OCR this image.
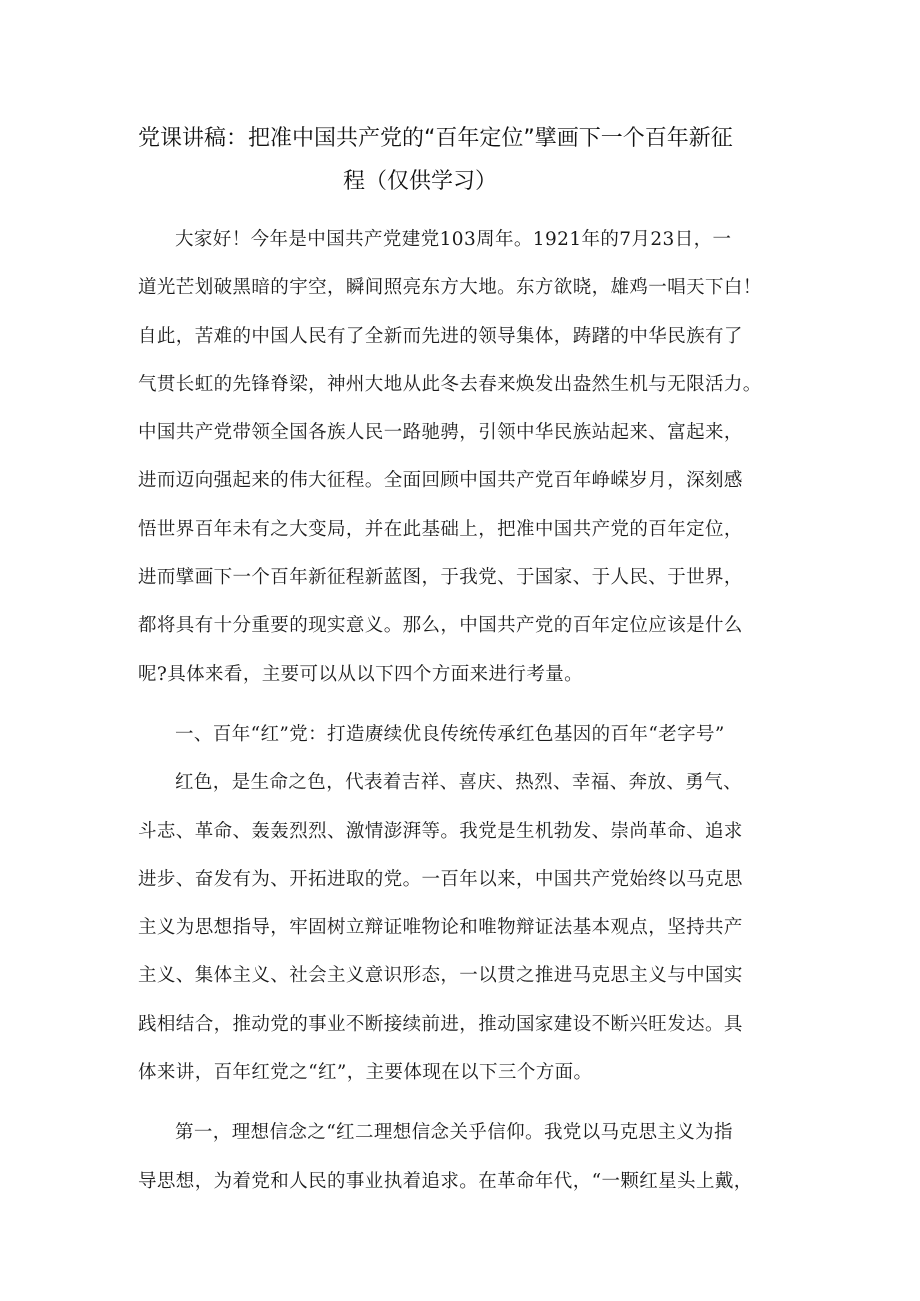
党课讲稿：把准中国共产党的“百年定位”擘画下一个百年新征
程（仅供学习）

大家好！今年是中国共产党建党103周年。1921年的7月23日，一
道光芒划破黑暗的宇空，瞬间照亮东方大地。东方欲晓，雄鸡一唱天下白！
自此，苦难的中国人民有了全新而先进的领导集体，踌躇的中华民族有了
气贯长虹的先锋脊梁，神州大地从此冬去春来焕发出盎然生机与无限活力。
中国共产党带领全国各族人民一路驰骋，引领中华民族站起来、富起来，
进而迈向强起来的伟大征程。全面回顾中国共产党百年峥嵘岁月，深刻感
悟世界百年未有之大变局，并在此基础上，把准中国共产党的百年定位，
进而擘画下一个百年新征程新蓝图，于我党、于国家、于人民、于世界，
都将具有十分重要的现实意义。那么，中国共产党的百年定位应该是什么
呢?具体来看，主要可以从以下四个方面来进行考量。

一、百年“红”党：打造赓续优良传统传承红色基因的百年“老字号”

红色，是生命之色，代表着吉祥、喜庆、热烈、幸福、奔放、勇气、
斗志、革命、轰轰烈烈、激情澎湃等。我党是生机勃发、崇尚革命、追求
进步、奋发有为、开拓进取的党。一百年以来，中国共产党始终以马克思
主义为思想指导，牢固树立辩证唯物论和唯物辩证法基本观点，坚持共产
主义、集体主义、社会主义意识形态，一以贯之推进马克思主义与中国实
践相结合，推动党的事业不断接续前进，推动国家建设不断兴旺发达。具
体来讲，百年红党之“红”，主要体现在以下三个方面。

第一，理想信念之“红二理想信念关乎信仰。我党以马克思主义为指
导思想，为着党和人民的事业执着追求。在革命年代，“一颗红星头上戴，
